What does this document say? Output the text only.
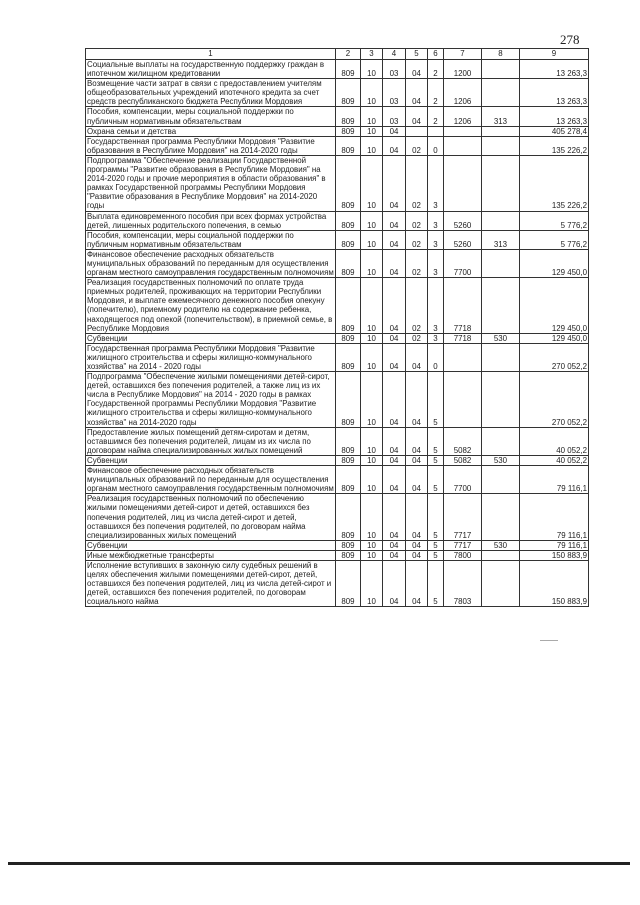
278
1	2	3	4	5	6	7	8	9
Социальные выплаты на государственную поддержку граждан в ипотечном жилищном кредитовании	809	10	03	04	2	1200		13 263,3
Возмещение части затрат в связи с предоставлением учителям общеобразовательных учреждений ипотечного кредита за счет средств республиканского бюджета Республики Мордовия	809	10	03	04	2	1206		13 263,3
Пособия, компенсации, меры социальной поддержки по публичным нормативным обязательствам	809	10	03	04	2	1206	313	13 263,3
Охрана семьи и детства	809	10	04					405 278,4
Государственная программа Республики Мордовия "Развитие образования в Республике Мордовия" на 2014-2020 годы	809	10	04	02	0			135 226,2
Подпрограмма "Обеспечение реализации Государственной программы "Развитие образования в Республике Мордовия" на 2014-2020 годы и прочие мероприятия в области образования" в рамках Государственной программы Республики Мордовия "Развитие образования в Республике Мордовия" на 2014-2020 годы	809	10	04	02	3			135 226,2
Выплата единовременного пособия при всех формах устройства детей, лишенных родительского попечения, в семью	809	10	04	02	3	5260		5 776,2
Пособия, компенсации, меры социальной поддержки по публичным нормативным обязательствам	809	10	04	02	3	5260	313	5 776,2
Финансовое обеспечение расходных обязательств муниципальных образований по переданным для осуществления органам местного самоуправления государственным полномочиям	809	10	04	02	3	7700		129 450,0
Реализация государственных полномочий по оплате труда приемных родителей, проживающих на территории Республики Мордовия, и выплате ежемесячного денежного пособия опекуну (попечителю), приемному родителю на содержание ребенка, находящегося под опекой (попечительством), в приемной семье, в Республике Мордовия	809	10	04	02	3	7718		129 450,0
Субвенции	809	10	04	02	3	7718	530	129 450,0
Государственная программа Республики Мордовия "Развитие жилищного строительства и сферы жилищно-коммунального хозяйства" на 2014 - 2020 годы	809	10	04	04	0			270 052,2
Подпрограмма "Обеспечение жилыми помещениями детей-сирот, детей, оставшихся без попечения родителей, а также лиц из их числа в Республике Мордовия" на 2014 - 2020 годы в рамках Государственной программы Республики Мордовия "Развитие жилищного строительства и сферы жилищно-коммунального хозяйства" на 2014-2020 годы	809	10	04	04	5			270 052,2
Предоставление жилых помещений детям-сиротам и детям, оставшимся без попечения родителей, лицам из их числа по договорам найма специализированных жилых помещений	809	10	04	04	5	5082		40 052,2
Субвенции	809	10	04	04	5	5082	530	40 052,2
Финансовое обеспечение расходных обязательств муниципальных образований по переданным для осуществления органам местного самоуправления государственным полномочиям	809	10	04	04	5	7700		79 116,1
Реализация государственных полномочий по обеспечению жилыми помещениями детей-сирот и детей, оставшихся без попечения родителей, лиц из числа детей-сирот и детей, оставшихся без попечения родителей, по договорам найма специализированных жилых помещений	809	10	04	04	5	7717		79 116,1
Субвенции	809	10	04	04	5	7717	530	79 116,1
Иные межбюджетные трансферты	809	10	04	04	5	7800		150 883,9
Исполнение вступивших в законную силу судебных решений в целях обеспечения жилыми помещениями детей-сирот, детей, оставшихся без попечения родителей, лиц из числа детей-сирот и детей, оставшихся без попечения родителей, по договорам социального найма	809	10	04	04	5	7803		150 883,9
